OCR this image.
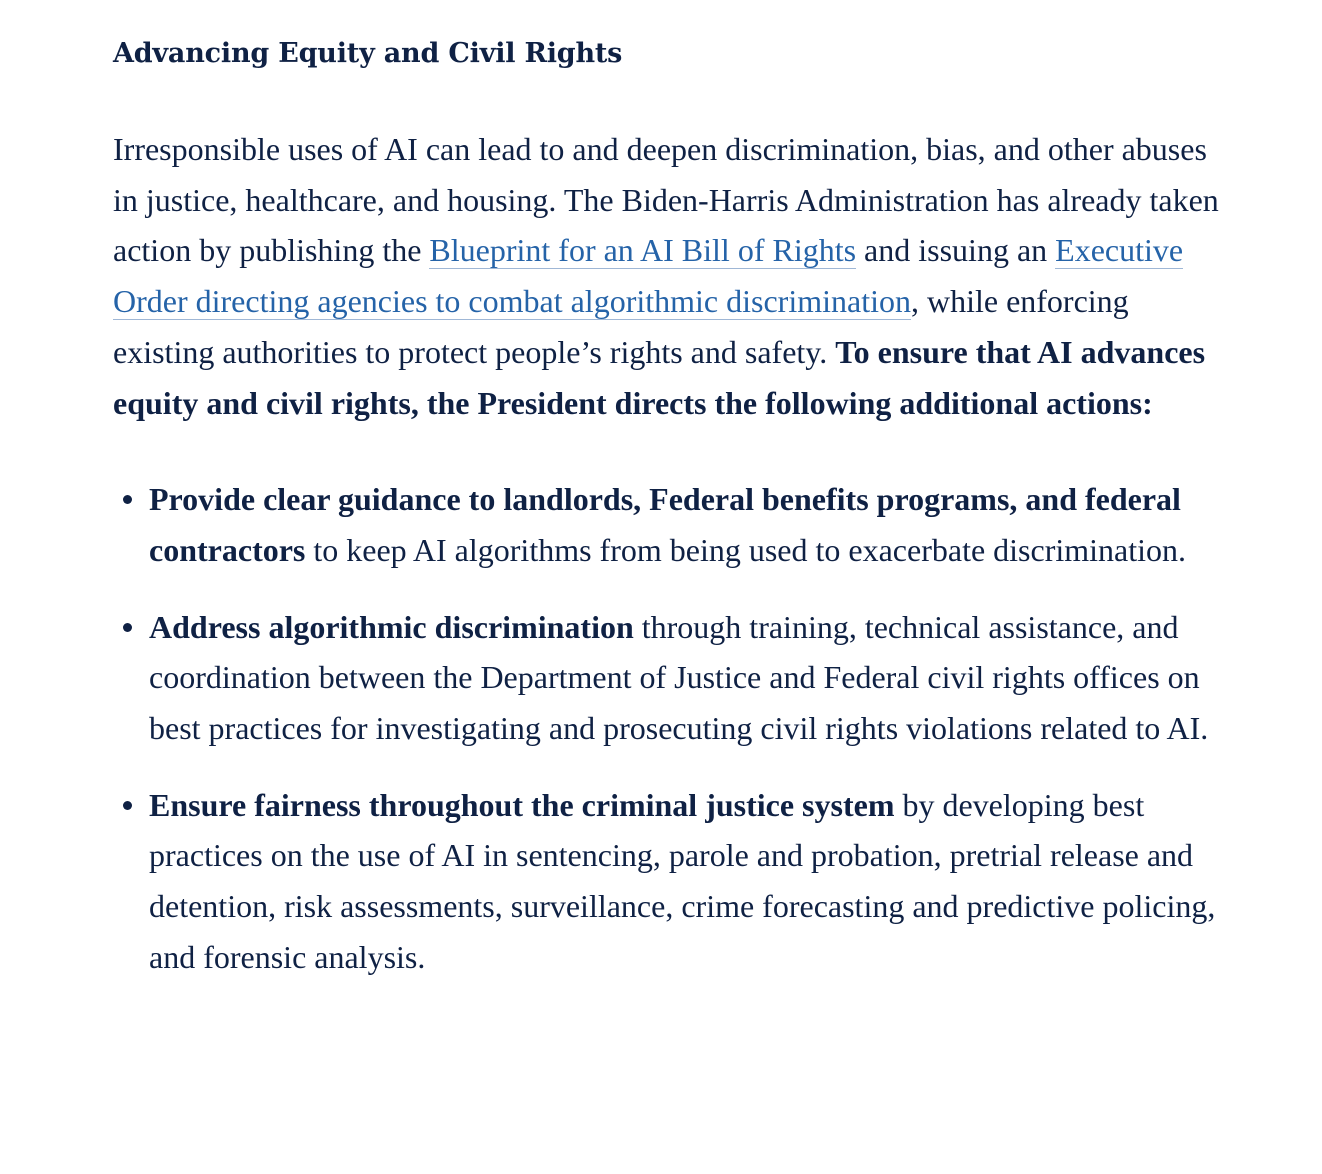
Advancing Equity and Civil Rights

Irresponsible uses of AI can lead to and deepen discrimination, bias, and other abuses in justice, healthcare, and housing. The Biden-Harris Administration has already taken action by publishing the Blueprint for an AI Bill of Rights and issuing an Executive Order directing agencies to combat algorithmic discrimination, while enforcing existing authorities to protect people’s rights and safety. To ensure that AI advances equity and civil rights, the President directs the following additional actions:

Provide clear guidance to landlords, Federal benefits programs, and federal contractors to keep AI algorithms from being used to exacerbate discrimination.
Address algorithmic discrimination through training, technical assistance, and coordination between the Department of Justice and Federal civil rights offices on best practices for investigating and prosecuting civil rights violations related to AI.
Ensure fairness throughout the criminal justice system by developing best practices on the use of AI in sentencing, parole and probation, pretrial release and detention, risk assessments, surveillance, crime forecasting and predictive policing, and forensic analysis.
